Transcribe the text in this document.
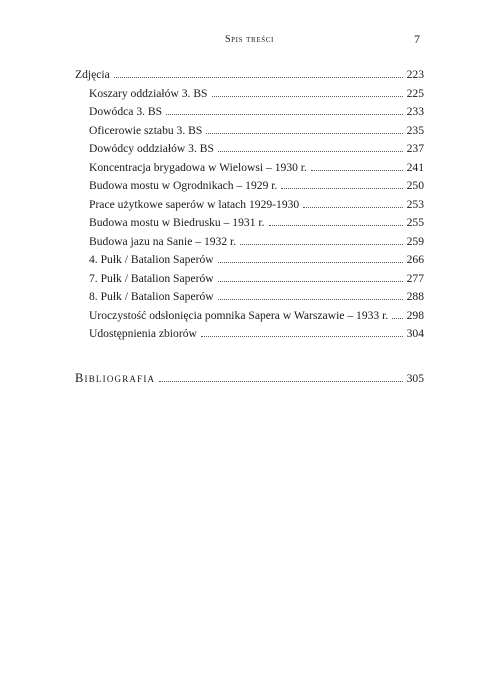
Spis treści	7
Zdjęcia	223
Koszary oddziałów 3. BS	225
Dowódca 3. BS	233
Oficerowie sztabu 3. BS	235
Dowódcy oddziałów 3. BS	237
Koncentracja brygadowa w Wielowsi – 1930 r.	241
Budowa mostu w Ogrodnikach – 1929 r.	250
Prace użytkowe saperów w latach 1929-1930	253
Budowa mostu w Biedrusku – 1931 r.	255
Budowa jazu na Sanie – 1932 r.	259
4. Pułk / Batalion Saperów	266
7. Pułk / Batalion Saperów	277
8. Pułk / Batalion Saperów	288
Uroczystość odsłonięcia pomnika Sapera w Warszawie – 1933 r. 298
Udostępnienia zbiorów	304
Bibliografia	305
